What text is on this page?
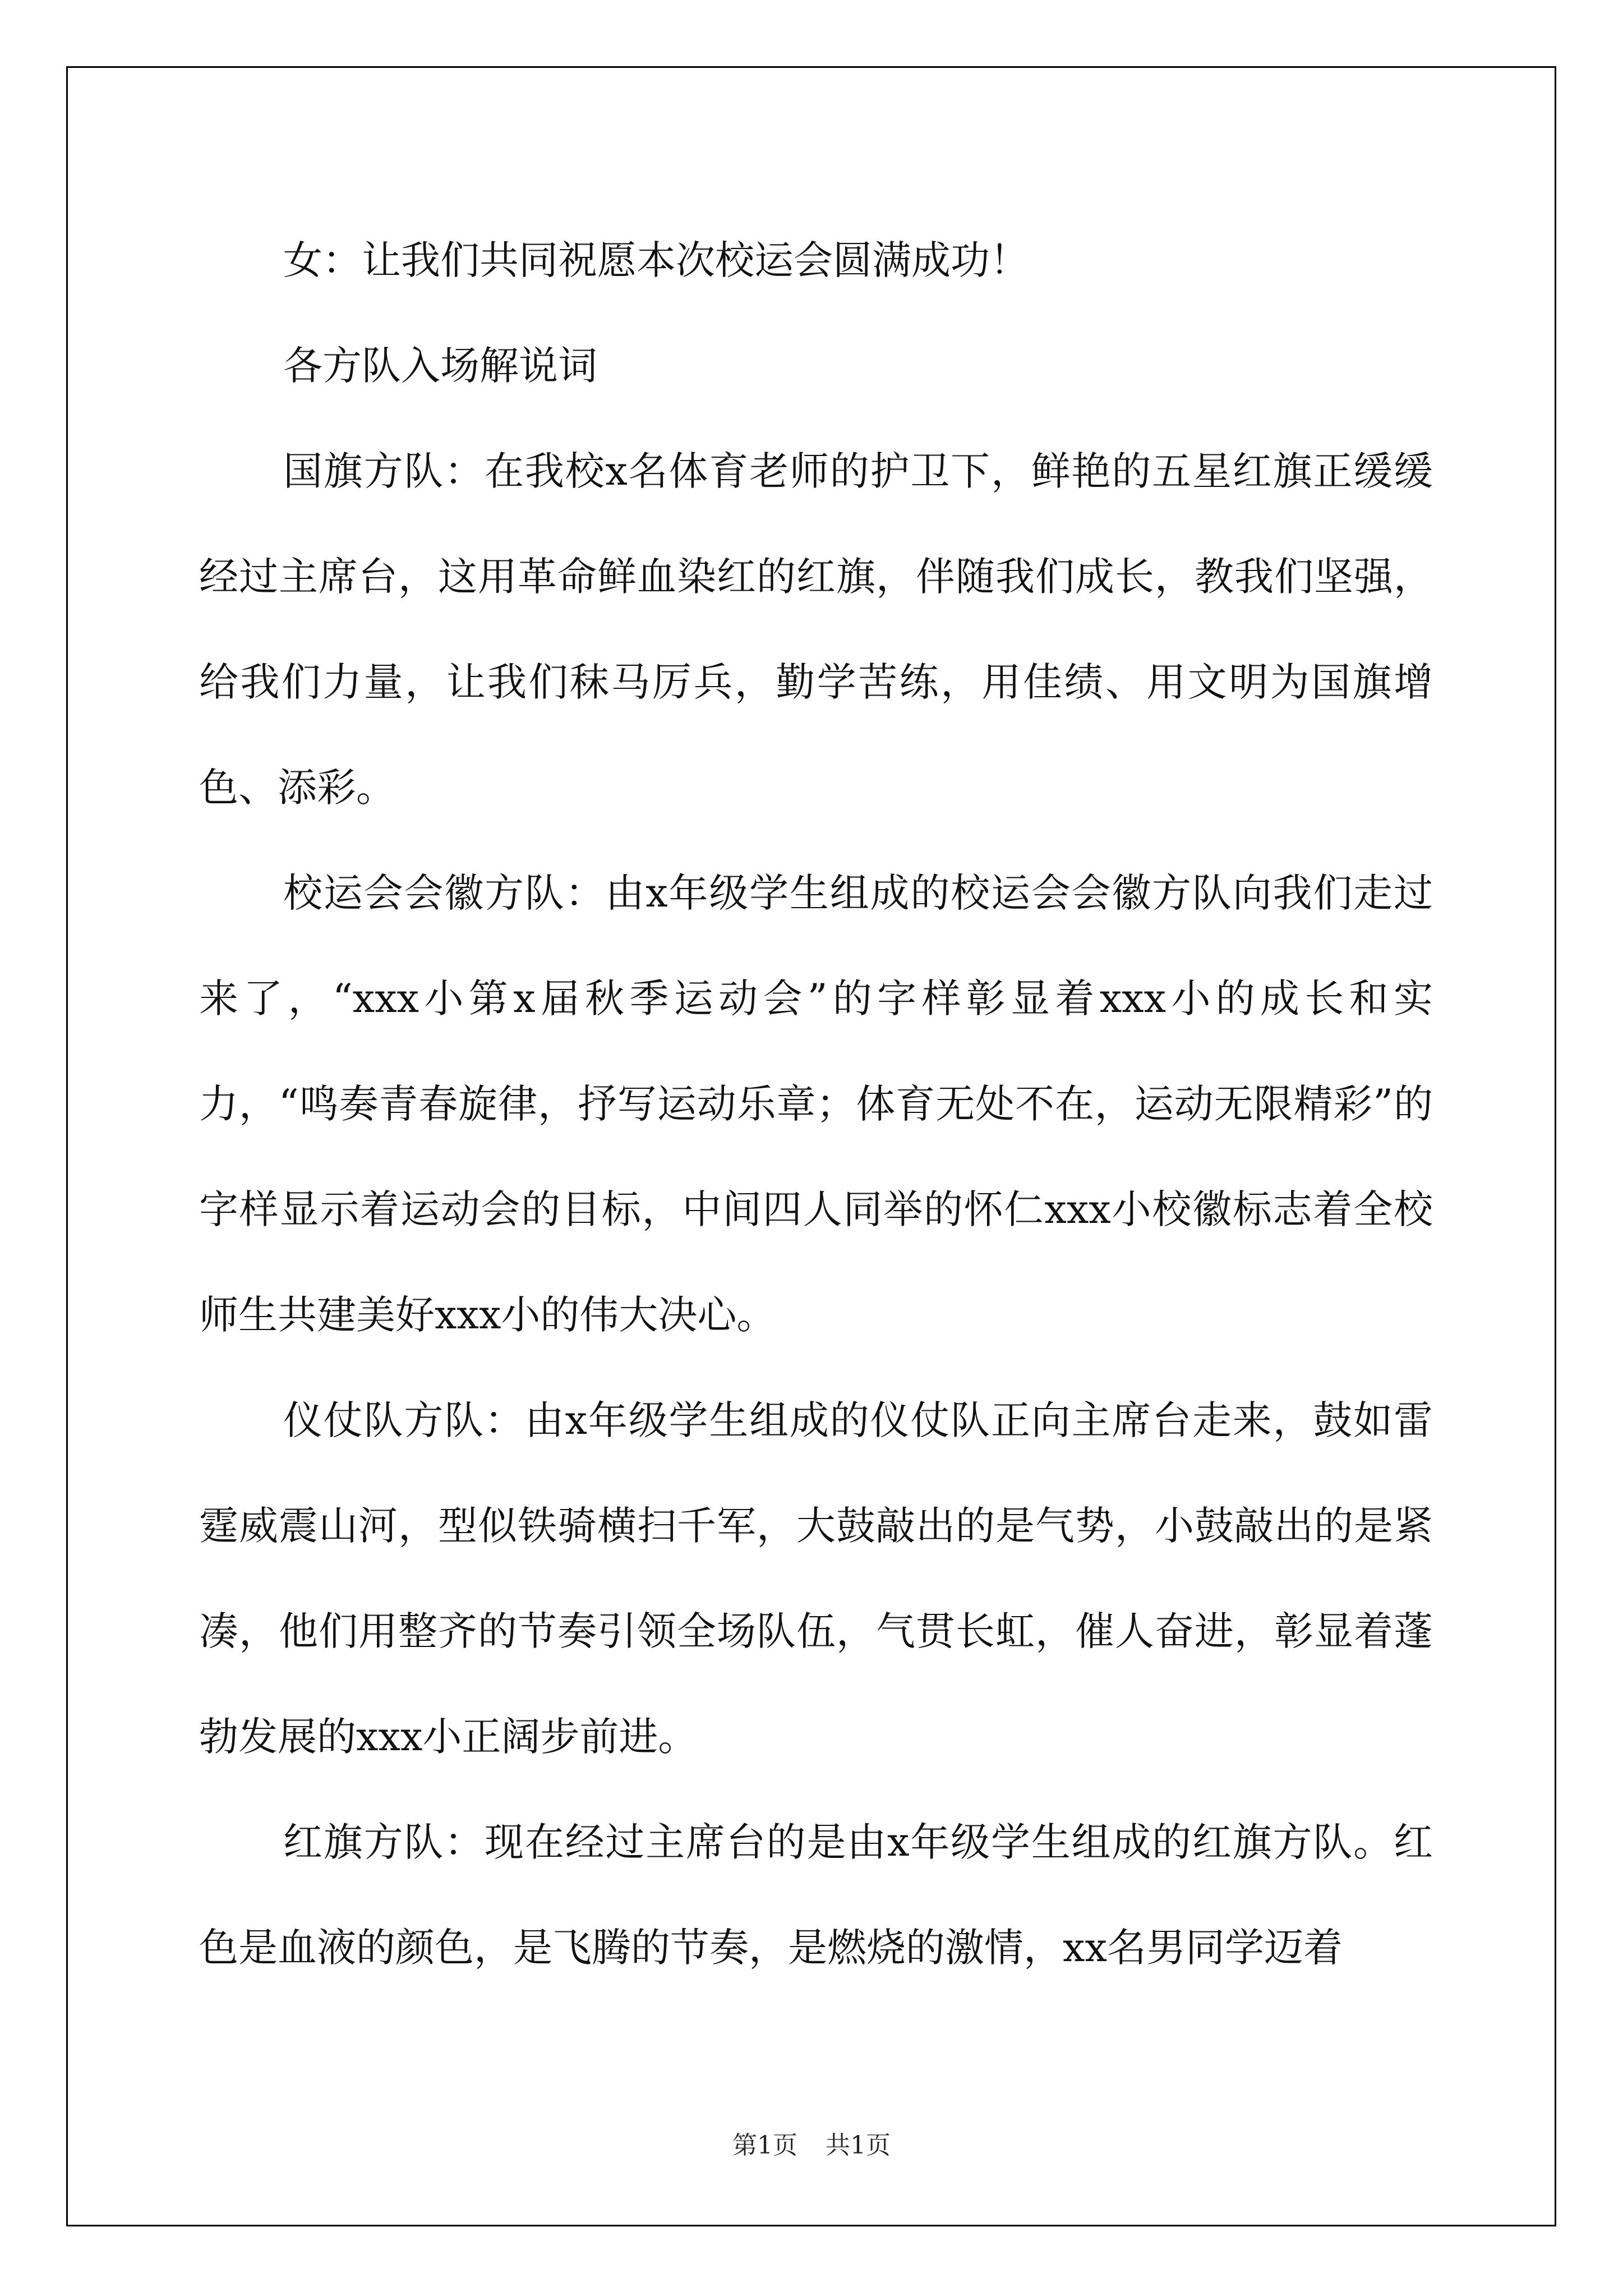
女：让我们共同祝愿本次校运会圆满成功！

各方队入场解说词

国旗方队：在我校x名体育老师的护卫下，鲜艳的五星红旗正缓缓经过主席台，这用革命鲜血染红的红旗，伴随我们成长，教我们坚强，给我们力量，让我们秣马厉兵，勤学苦练，用佳绩、用文明为国旗增色、添彩。

校运会会徽方队：由x年级学生组成的校运会会徽方队向我们走过来了，“xxx小第x届秋季运动会”的字样彰显着xxx小的成长和实力，“鸣奏青春旋律，抒写运动乐章；体育无处不在，运动无限精彩”的字样显示着运动会的目标，中间四人同举的怀仁xxx小校徽标志着全校师生共建美好xxx小的伟大决心。

仪仗队方队：由x年级学生组成的仪仗队正向主席台走来，鼓如雷霆威震山河，型似铁骑横扫千军，大鼓敲出的是气势，小鼓敲出的是紧凑，他们用整齐的节奏引领全场队伍，气贯长虹，催人奋进，彰显着蓬勃发展的xxx小正阔步前进。

红旗方队：现在经过主席台的是由x年级学生组成的红旗方队。红色是血液的颜色，是飞腾的节奏，是燃烧的激情，xx名男同学迈着

第1页 共1页
